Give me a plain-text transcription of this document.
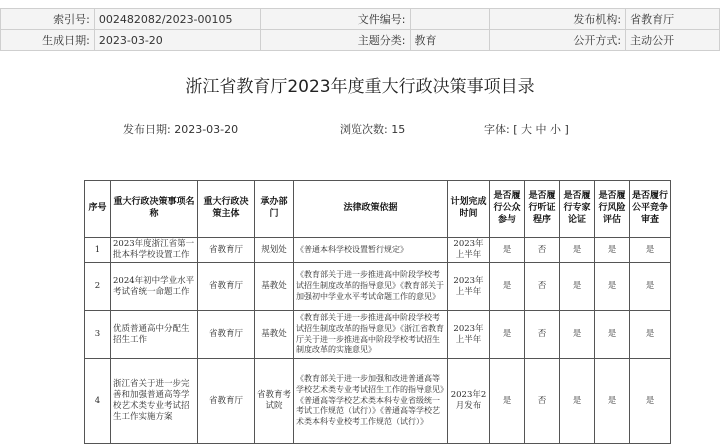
索引号:	002482082/2023-00105	文件编号:		发布机构:	省教育厅
生成日期:	2023-03-20	主题分类:	教育	公开方式:	主动公开
浙江省教育厅2023年度重大行政决策事项目录
发布日期: 2023-03-20	浏览次数: 15	字体: [ 大 中 小 ]
序号	重大行政决策事项名称	重大行政决策主体	承办部门	法律政策依据	计划完成时间	是否履行公众参与	是否履行听证程序	是否履行专家论证	是否履行风险评估	是否履行公平竞争审查
1	2023年度浙江省第一批本科学校设置工作	省教育厅	规划处	《普通本科学校设置暂行规定》	2023年上半年	是	否	是	是	是
2	2024年初中学业水平考试省统一命题工作	省教育厅	基教处	《教育部关于进一步推进高中阶段学校考试招生制度改革的指导意见》《教育部关于加强初中学业水平考试命题工作的意见》	2023年上半年	是	否	是	是	是
3	优质普通高中分配生招生工作	省教育厅	基教处	《教育部关于进一步推进高中阶段学校考试招生制度改革的指导意见》《浙江省教育厅关于进一步推进高中阶段学校考试招生制度改革的实施意见》	2023年上半年	是	否	是	是	是
4	浙江省关于进一步完善和加强普通高等学校艺术类专业考试招生工作实施方案	省教育厅	省教育考试院	《教育部关于进一步加强和改进普通高等学校艺术类专业考试招生工作的指导意见》《普通高等学校艺术类本科专业省级统一考试工作规范（试行）》《普通高等学校艺术类本科专业校考工作规范（试行）》	2023年2月发布	是	否	是	是	是
